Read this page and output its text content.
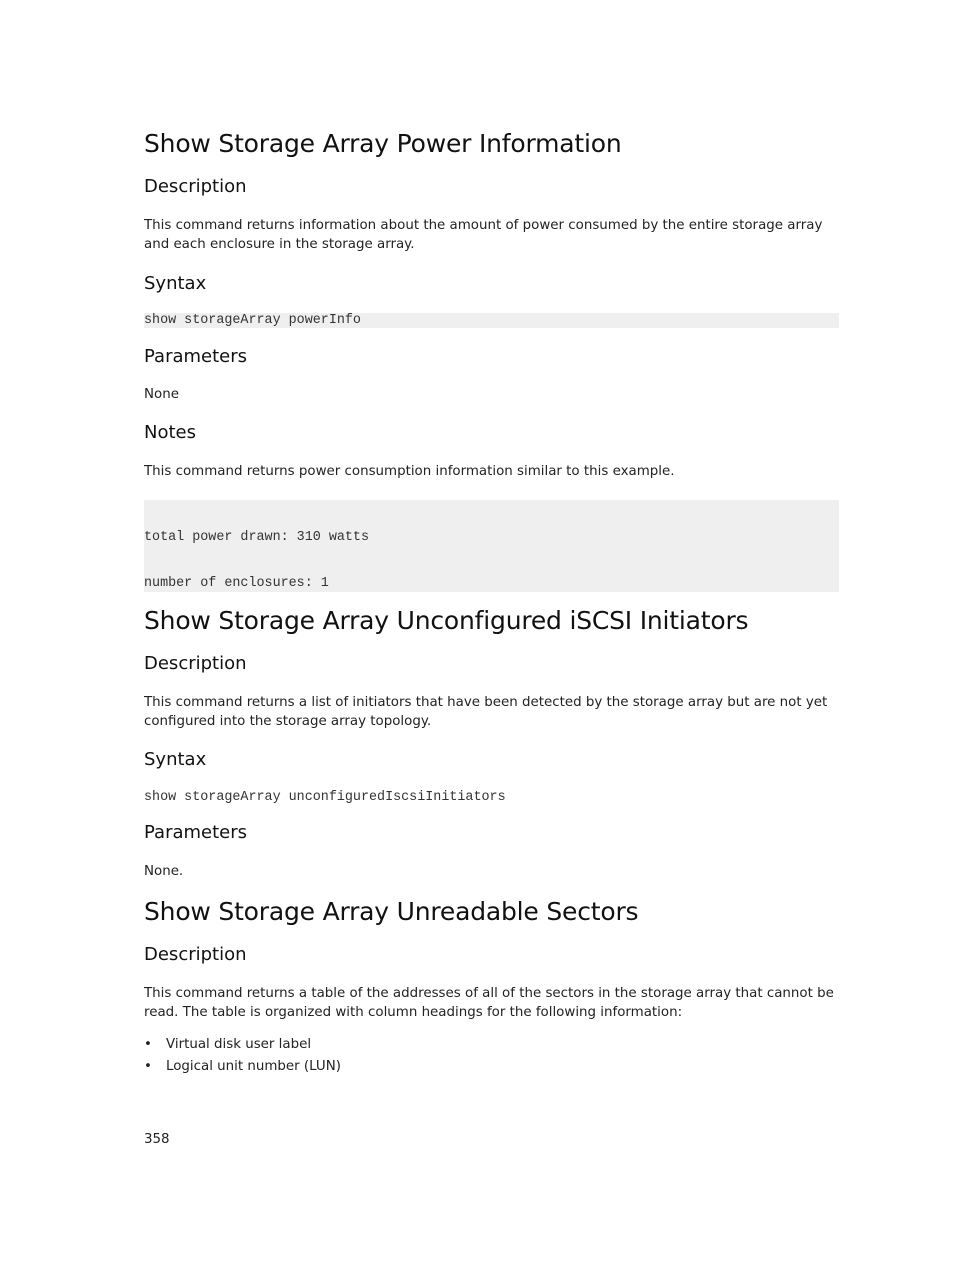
Show Storage Array Power Information
Description
This command returns information about the amount of power consumed by the entire storage array and each enclosure in the storage array.
Syntax
show storageArray powerInfo
Parameters
None
Notes
This command returns power consumption information similar to this example.

total power drawn: 310 watts

number of enclosures: 1

Show Storage Array Unconfigured iSCSI Initiators
Description
This command returns a list of initiators that have been detected by the storage array but are not yet configured into the storage array topology.
Syntax
show storageArray unconfiguredIscsiInitiators
Parameters
None.
Show Storage Array Unreadable Sectors
Description
This command returns a table of the addresses of all of the sectors in the storage array that cannot be read. The table is organized with column headings for the following information:
• Virtual disk user label
• Logical unit number (LUN)
358
